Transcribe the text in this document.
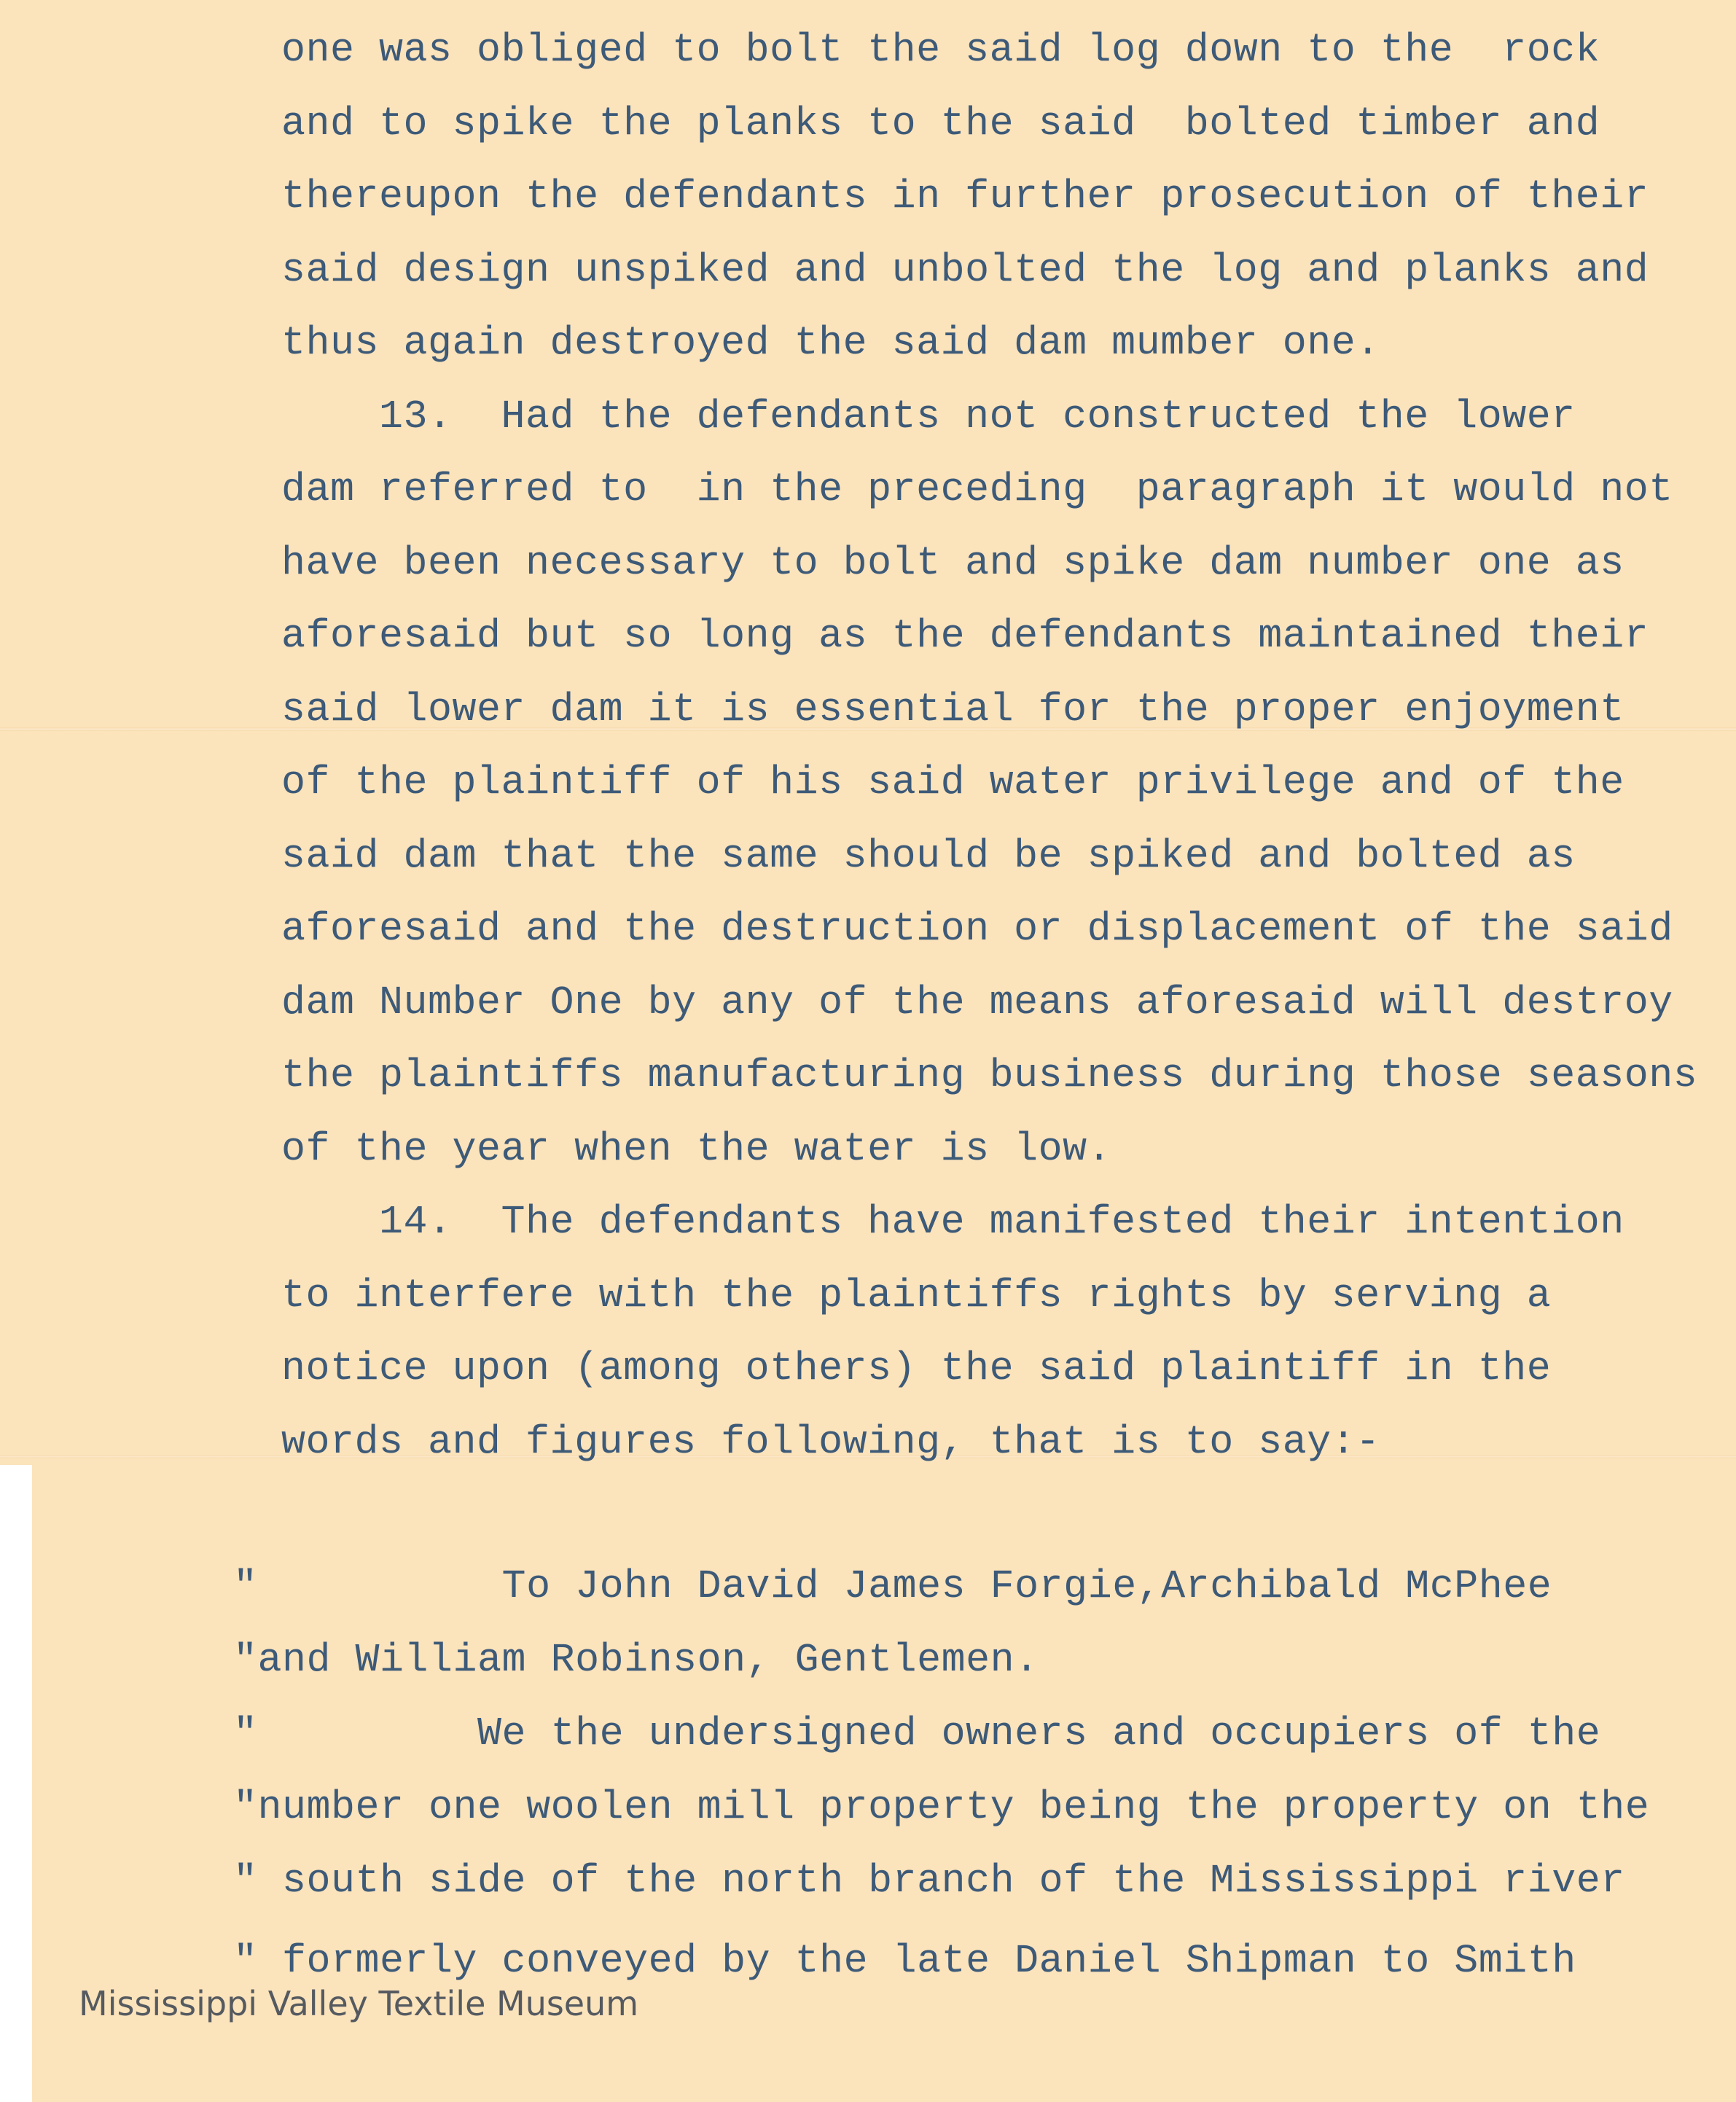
one was obliged to bolt the said log down to the  rock
and to spike the planks to the said  bolted timber and
thereupon the defendants in further prosecution of their
said design unspiked and unbolted the log and planks and
thus again destroyed the said dam mumber one.
13.  Had the defendants not constructed the lower
dam referred to  in the preceding  paragraph it would not
have been necessary to bolt and spike dam number one as
aforesaid but so long as the defendants maintained their
said lower dam it is essential for the proper enjoyment
of the plaintiff of his said water privilege and of the
said dam that the same should be spiked and bolted as
aforesaid and the destruction or displacement of the said
dam Number One by any of the means aforesaid will destroy
the plaintiffs manufacturing business during those seasons
of the year when the water is low.
14.  The defendants have manifested their intention
to interfere with the plaintiffs rights by serving a
notice upon (among others) the said plaintiff in the
words and figures following, that is to say:-
"          To John David James Forgie,Archibald McPhee
"and William Robinson, Gentlemen.
"         We the undersigned owners and occupiers of the
"number one woolen mill property being the property on the
" south side of the north branch of the Mississippi river
" formerly conveyed by the late Daniel Shipman to Smith
Mississippi Valley Textile Museum
